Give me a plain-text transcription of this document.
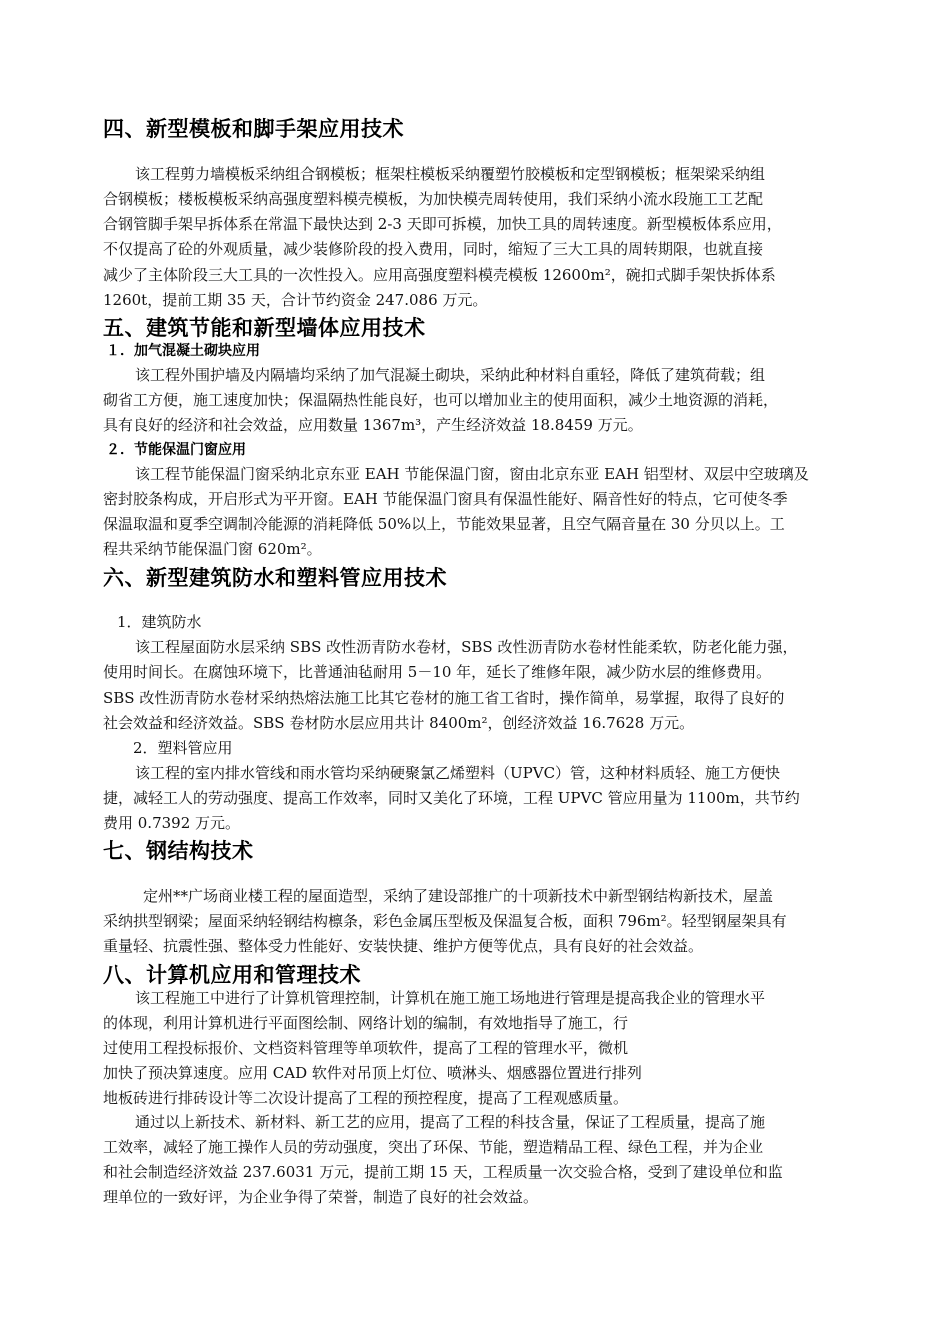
四、新型模板和脚手架应用技术
该工程剪力墙模板采纳组合钢模板；框架柱模板采纳覆塑竹胶模板和定型钢模板；框架梁采纳组
合钢模板；楼板模板采纳高强度塑料模壳模板，为加快模壳周转使用，我们采纳小流水段施工工艺配
合钢管脚手架早拆体系在常温下最快达到 2-3 天即可拆模，加快工具的周转速度。新型模板体系应用，
不仅提高了砼的外观质量，减少装修阶段的投入费用，同时，缩短了三大工具的周转期限，也就直接
减少了主体阶段三大工具的一次性投入。应用高强度塑料模壳模板 12600m²，碗扣式脚手架快拆体系
1260t，提前工期 35 天，合计节约资金 247.086 万元。
五、建筑节能和新型墙体应用技术
１．加气混凝土砌块应用
该工程外围护墙及内隔墙均采纳了加气混凝土砌块，采纳此种材料自重轻，降低了建筑荷载；组
砌省工方便，施工速度加快；保温隔热性能良好，也可以增加业主的使用面积，减少土地资源的消耗，
具有良好的经济和社会效益，应用数量 1367m³，产生经济效益 18.8459 万元。
２．节能保温门窗应用
该工程节能保温门窗采纳北京东亚 EAH 节能保温门窗，窗由北京东亚 EAH 铝型材、双层中空玻璃及
密封胶条构成，开启形式为平开窗。EAH 节能保温门窗具有保温性能好、隔音性好的特点，它可使冬季
保温取温和夏季空调制冷能源的消耗降低 50%以上，节能效果显著，且空气隔音量在 30 分贝以上。工
程共采纳节能保温门窗 620m²。
六、新型建筑防水和塑料管应用技术
1．建筑防水
该工程屋面防水层采纳 SBS 改性沥青防水卷材，SBS 改性沥青防水卷材性能柔软，防老化能力强，
使用时间长。在腐蚀环境下，比普通油毡耐用 5－10 年，延长了维修年限，减少防水层的维修费用。
SBS 改性沥青防水卷材采纳热熔法施工比其它卷材的施工省工省时，操作简单，易掌握，取得了良好的
社会效益和经济效益。SBS 卷材防水层应用共计 8400m²，创经济效益 16.7628 万元。
2．塑料管应用
该工程的室内排水管线和雨水管均采纳硬聚氯乙烯塑料（UPVC）管，这种材料质轻、施工方便快
捷，减轻工人的劳动强度、提高工作效率，同时又美化了环境，工程 UPVC 管应用量为 1100m，共节约
费用 0.7392 万元。
七、钢结构技术
定州**广场商业楼工程的屋面造型，采纳了建设部推广的十项新技术中新型钢结构新技术，屋盖
采纳拱型钢梁；屋面采纳轻钢结构檩条，彩色金属压型板及保温复合板，面积 796m²。轻型钢屋架具有
重量轻、抗震性强、整体受力性能好、安装快捷、维护方便等优点，具有良好的社会效益。
八、计算机应用和管理技术
该工程施工中进行了计算机管理控制，计算机在施工施工场地进行管理是提高我企业的管理水平
的体现，利用计算机进行平面图绘制、网络计划的编制，有效地指导了施工，行
过使用工程投标报价、文档资料管理等单项软件，提高了工程的管理水平，微机
加快了预决算速度。应用 CAD 软件对吊顶上灯位、喷淋头、烟感器位置进行排列
地板砖进行排砖设计等二次设计提高了工程的预控程度，提高了工程观感质量。
通过以上新技术、新材料、新工艺的应用，提高了工程的科技含量，保证了工程质量，提高了施
工效率，减轻了施工操作人员的劳动强度，突出了环保、节能，塑造精品工程、绿色工程，并为企业
和社会制造经济效益 237.6031 万元，提前工期 15 天，工程质量一次交验合格，受到了建设单位和监
理单位的一致好评，为企业争得了荣誉，制造了良好的社会效益。
